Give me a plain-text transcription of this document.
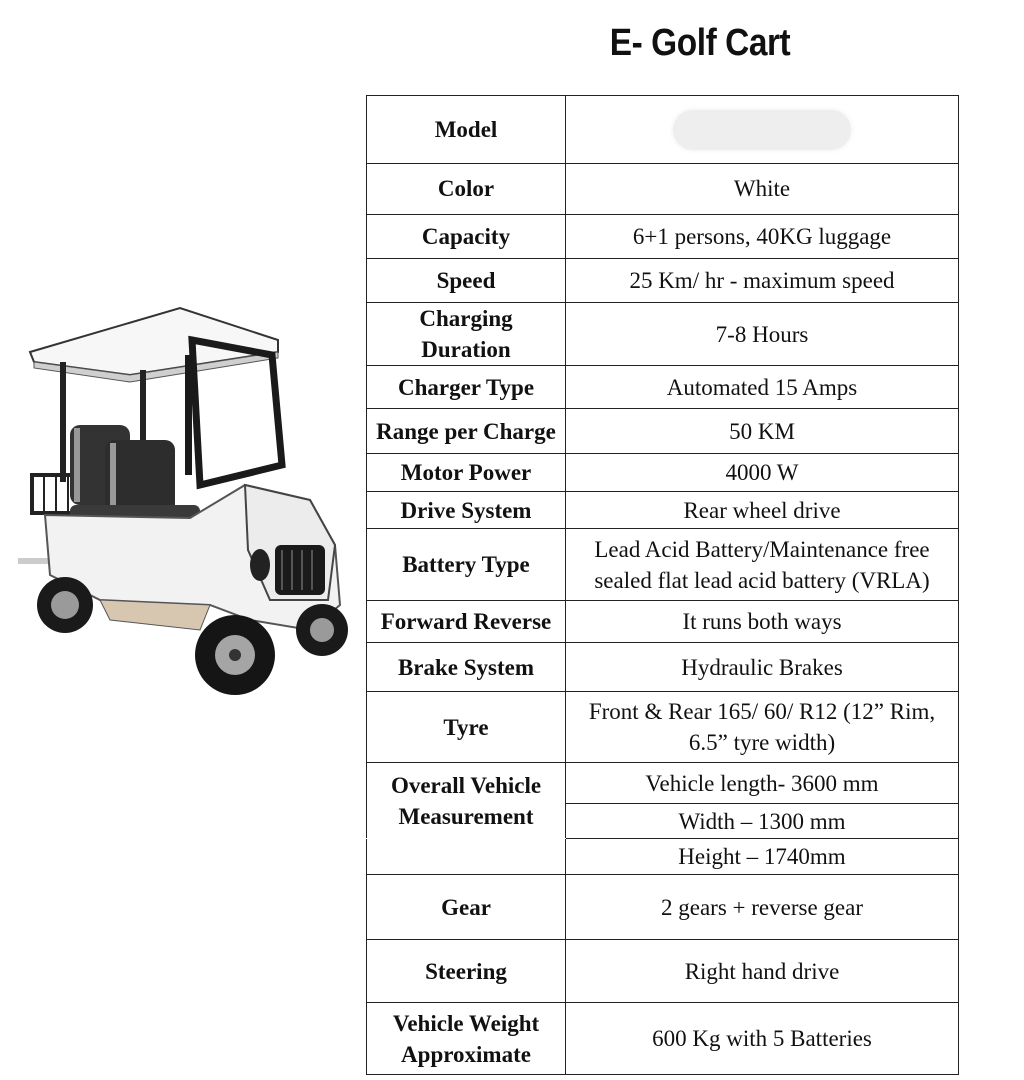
E- Golf Cart
Model	
Color	White
Capacity	6+1 persons, 40KG luggage
Speed	25 Km/ hr - maximum speed
Charging Duration	7-8 Hours
Charger Type	Automated 15 Amps
Range per Charge	50 KM
Motor Power	4000 W
Drive System	Rear wheel drive
Battery Type	Lead Acid Battery/Maintenance free sealed flat lead acid battery (VRLA)
Forward Reverse	It runs both ways
Brake System	Hydraulic Brakes
Tyre	Front & Rear 165/ 60/ R12 (12” Rim, 6.5” tyre width)
Overall Vehicle Measurement	Vehicle length- 3600 mm
	Width – 1300 mm
	Height – 1740mm
Gear	2 gears + reverse gear
Steering	Right hand drive
Vehicle Weight Approximate	600 Kg with 5 Batteries
